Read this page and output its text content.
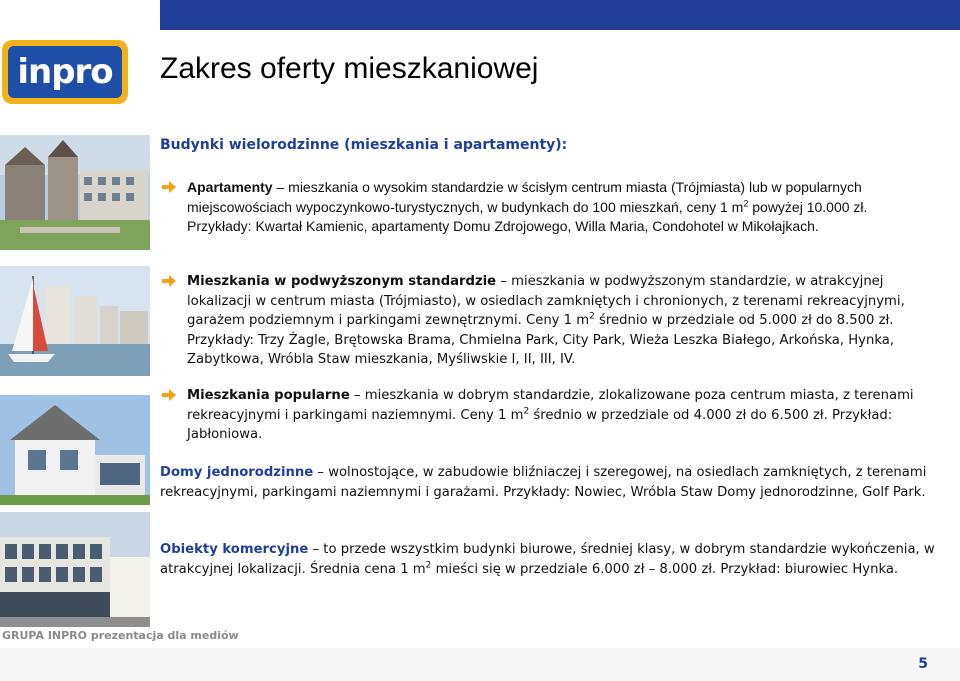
inpro	Zakres oferty mieszkaniowej
Budynki wielorodzinne (mieszkania i apartamenty):
Apartamenty – mieszkania o wysokim standardzie w ścisłym centrum miasta (Trójmiasta) lub w popularnych miejscowościach wypoczynkowo-turystycznych, w budynkach do 100 mieszkań, ceny 1 $m^2$ powyżej 10.000 zł. Przykłady: Kwartał Kamienic, apartamenty Domu Zdrojowego, Willa Maria, Condohotel w Mikołajkach.
Mieszkania w podwyższonym standardzie – mieszkania w podwyższonym standardzie, w atrakcyjnej lokalizacji w centrum miasta (Trójmiasto), w osiedlach zamkniętych i chronionych, z terenami rekreacyjnymi, garażem podziemnym i parkingami zewnętrznymi. Ceny 1 $m^2$ średnio w przedziale od 5.000 zł do 8.500 zł. Przykłady: Trzy Żagle, Brętowska Brama, Chmielna Park, City Park, Wieża Leszka Białego, Arkońska, Hynka, Zabytkowa, Wróbla Staw mieszkania, Myśliwskie I, II, III, IV.
Mieszkania popularne – mieszkania w dobrym standardzie, zlokalizowane poza centrum miasta, z terenami rekreacyjnymi i parkingami naziemnymi. Ceny 1 $m^2$ średnio w przedziale od 4.000 zł do 6.500 zł. Przykład: Jabłoniowa.
Domy jednorodzinne – wolnostojące, w zabudowie bliźniaczej i szeregowej, na osiedlach zamkniętych, z terenami rekreacyjnymi, parkingami naziemnymi i garażami. Przykłady: Nowiec, Wróbla Staw Domy jednorodzinne, Golf Park.
Obiekty komercyjne – to przede wszystkim budynki biurowe, średniej klasy, w dobrym standardzie wykończenia, w atrakcyjnej lokalizacji. Średnia cena 1 $m^2$ mieści się w przedziale 6.000 zł – 8.000 zł. Przykład: biurowiec Hynka.
GRUPA INPRO prezentacja dla mediów
5
